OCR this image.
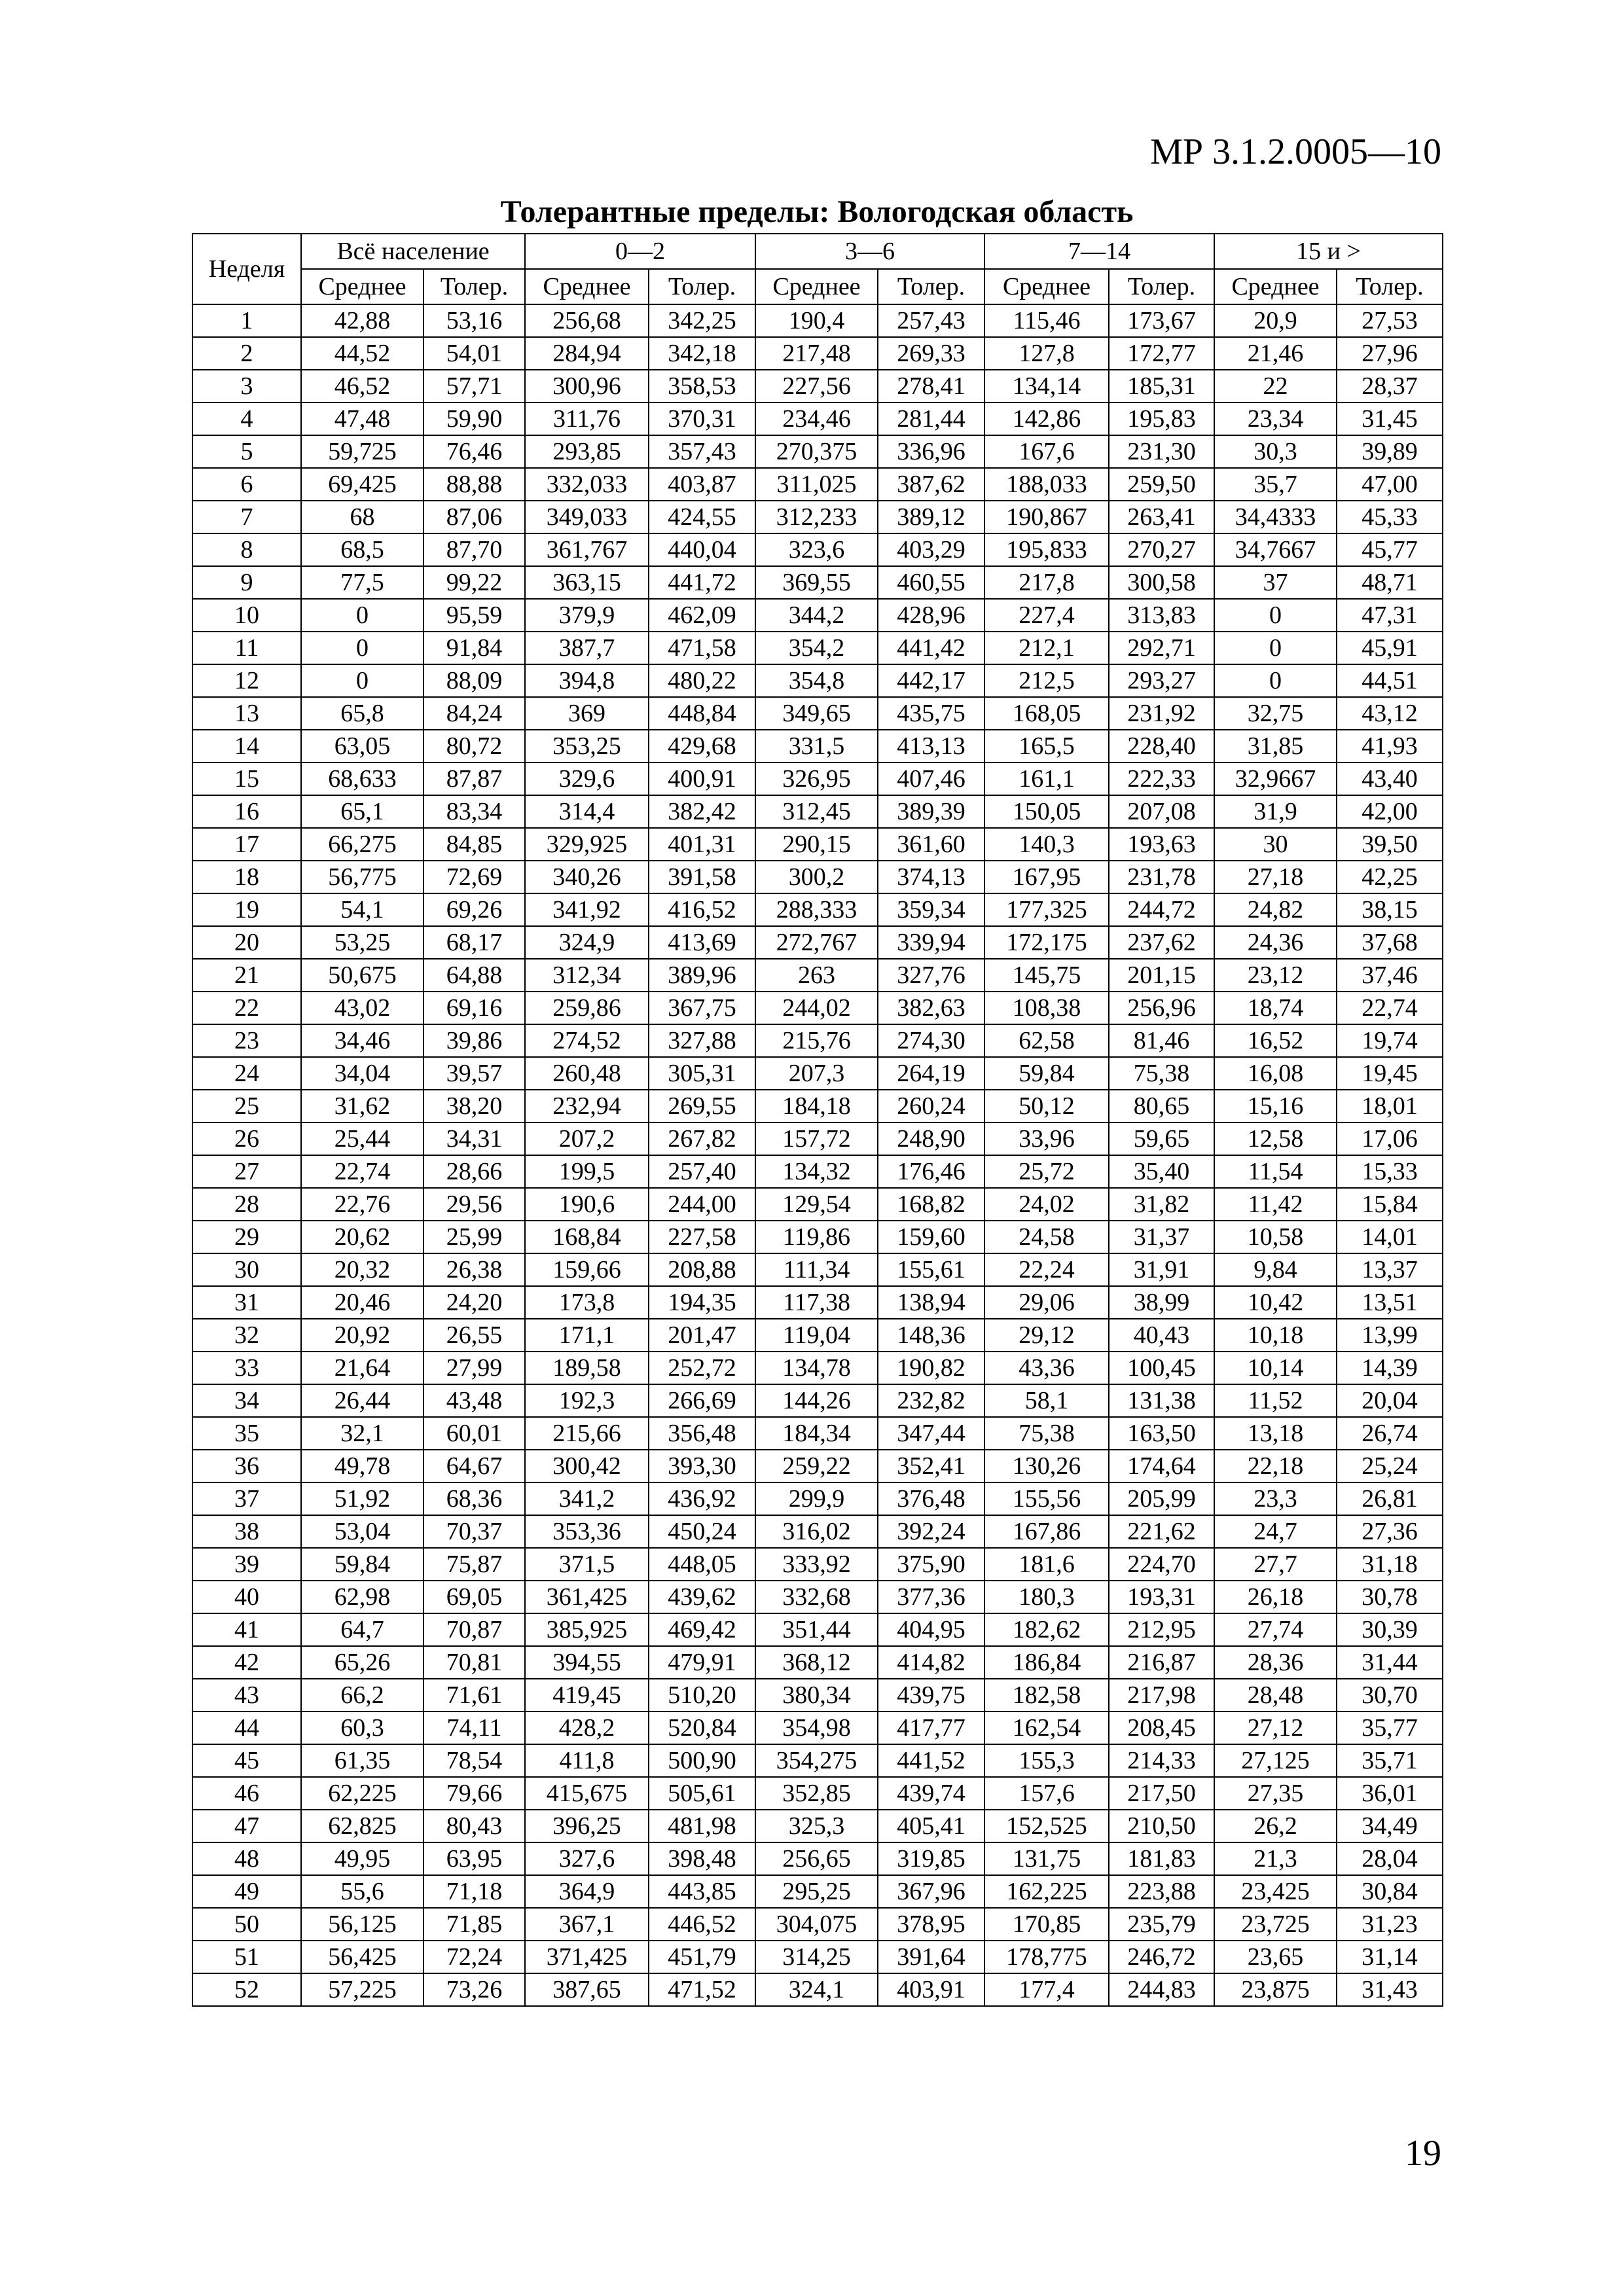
МР 3.1.2.0005—10
Толерантные пределы: Вологодская область
Неделя	Всё население		0—2		3—6		7—14		15 и >	
	Среднее	Толер.	Среднее	Толер.	Среднее	Толер.	Среднее	Толер.	Среднее	Толер.
1	42,88	53,16	256,68	342,25	190,4	257,43	115,46	173,67	20,9	27,53
2	44,52	54,01	284,94	342,18	217,48	269,33	127,8	172,77	21,46	27,96
3	46,52	57,71	300,96	358,53	227,56	278,41	134,14	185,31	22	28,37
4	47,48	59,90	311,76	370,31	234,46	281,44	142,86	195,83	23,34	31,45
5	59,725	76,46	293,85	357,43	270,375	336,96	167,6	231,30	30,3	39,89
6	69,425	88,88	332,033	403,87	311,025	387,62	188,033	259,50	35,7	47,00
7	68	87,06	349,033	424,55	312,233	389,12	190,867	263,41	34,4333	45,33
8	68,5	87,70	361,767	440,04	323,6	403,29	195,833	270,27	34,7667	45,77
9	77,5	99,22	363,15	441,72	369,55	460,55	217,8	300,58	37	48,71
10	0	95,59	379,9	462,09	344,2	428,96	227,4	313,83	0	47,31
11	0	91,84	387,7	471,58	354,2	441,42	212,1	292,71	0	45,91
12	0	88,09	394,8	480,22	354,8	442,17	212,5	293,27	0	44,51
13	65,8	84,24	369	448,84	349,65	435,75	168,05	231,92	32,75	43,12
14	63,05	80,72	353,25	429,68	331,5	413,13	165,5	228,40	31,85	41,93
15	68,633	87,87	329,6	400,91	326,95	407,46	161,1	222,33	32,9667	43,40
16	65,1	83,34	314,4	382,42	312,45	389,39	150,05	207,08	31,9	42,00
17	66,275	84,85	329,925	401,31	290,15	361,60	140,3	193,63	30	39,50
18	56,775	72,69	340,26	391,58	300,2	374,13	167,95	231,78	27,18	42,25
19	54,1	69,26	341,92	416,52	288,333	359,34	177,325	244,72	24,82	38,15
20	53,25	68,17	324,9	413,69	272,767	339,94	172,175	237,62	24,36	37,68
21	50,675	64,88	312,34	389,96	263	327,76	145,75	201,15	23,12	37,46
22	43,02	69,16	259,86	367,75	244,02	382,63	108,38	256,96	18,74	22,74
23	34,46	39,86	274,52	327,88	215,76	274,30	62,58	81,46	16,52	19,74
24	34,04	39,57	260,48	305,31	207,3	264,19	59,84	75,38	16,08	19,45
25	31,62	38,20	232,94	269,55	184,18	260,24	50,12	80,65	15,16	18,01
26	25,44	34,31	207,2	267,82	157,72	248,90	33,96	59,65	12,58	17,06
27	22,74	28,66	199,5	257,40	134,32	176,46	25,72	35,40	11,54	15,33
28	22,76	29,56	190,6	244,00	129,54	168,82	24,02	31,82	11,42	15,84
29	20,62	25,99	168,84	227,58	119,86	159,60	24,58	31,37	10,58	14,01
30	20,32	26,38	159,66	208,88	111,34	155,61	22,24	31,91	9,84	13,37
31	20,46	24,20	173,8	194,35	117,38	138,94	29,06	38,99	10,42	13,51
32	20,92	26,55	171,1	201,47	119,04	148,36	29,12	40,43	10,18	13,99
33	21,64	27,99	189,58	252,72	134,78	190,82	43,36	100,45	10,14	14,39
34	26,44	43,48	192,3	266,69	144,26	232,82	58,1	131,38	11,52	20,04
35	32,1	60,01	215,66	356,48	184,34	347,44	75,38	163,50	13,18	26,74
36	49,78	64,67	300,42	393,30	259,22	352,41	130,26	174,64	22,18	25,24
37	51,92	68,36	341,2	436,92	299,9	376,48	155,56	205,99	23,3	26,81
38	53,04	70,37	353,36	450,24	316,02	392,24	167,86	221,62	24,7	27,36
39	59,84	75,87	371,5	448,05	333,92	375,90	181,6	224,70	27,7	31,18
40	62,98	69,05	361,425	439,62	332,68	377,36	180,3	193,31	26,18	30,78
41	64,7	70,87	385,925	469,42	351,44	404,95	182,62	212,95	27,74	30,39
42	65,26	70,81	394,55	479,91	368,12	414,82	186,84	216,87	28,36	31,44
43	66,2	71,61	419,45	510,20	380,34	439,75	182,58	217,98	28,48	30,70
44	60,3	74,11	428,2	520,84	354,98	417,77	162,54	208,45	27,12	35,77
45	61,35	78,54	411,8	500,90	354,275	441,52	155,3	214,33	27,125	35,71
46	62,225	79,66	415,675	505,61	352,85	439,74	157,6	217,50	27,35	36,01
47	62,825	80,43	396,25	481,98	325,3	405,41	152,525	210,50	26,2	34,49
48	49,95	63,95	327,6	398,48	256,65	319,85	131,75	181,83	21,3	28,04
49	55,6	71,18	364,9	443,85	295,25	367,96	162,225	223,88	23,425	30,84
50	56,125	71,85	367,1	446,52	304,075	378,95	170,85	235,79	23,725	31,23
51	56,425	72,24	371,425	451,79	314,25	391,64	178,775	246,72	23,65	31,14
52	57,225	73,26	387,65	471,52	324,1	403,91	177,4	244,83	23,875	31,43
19
